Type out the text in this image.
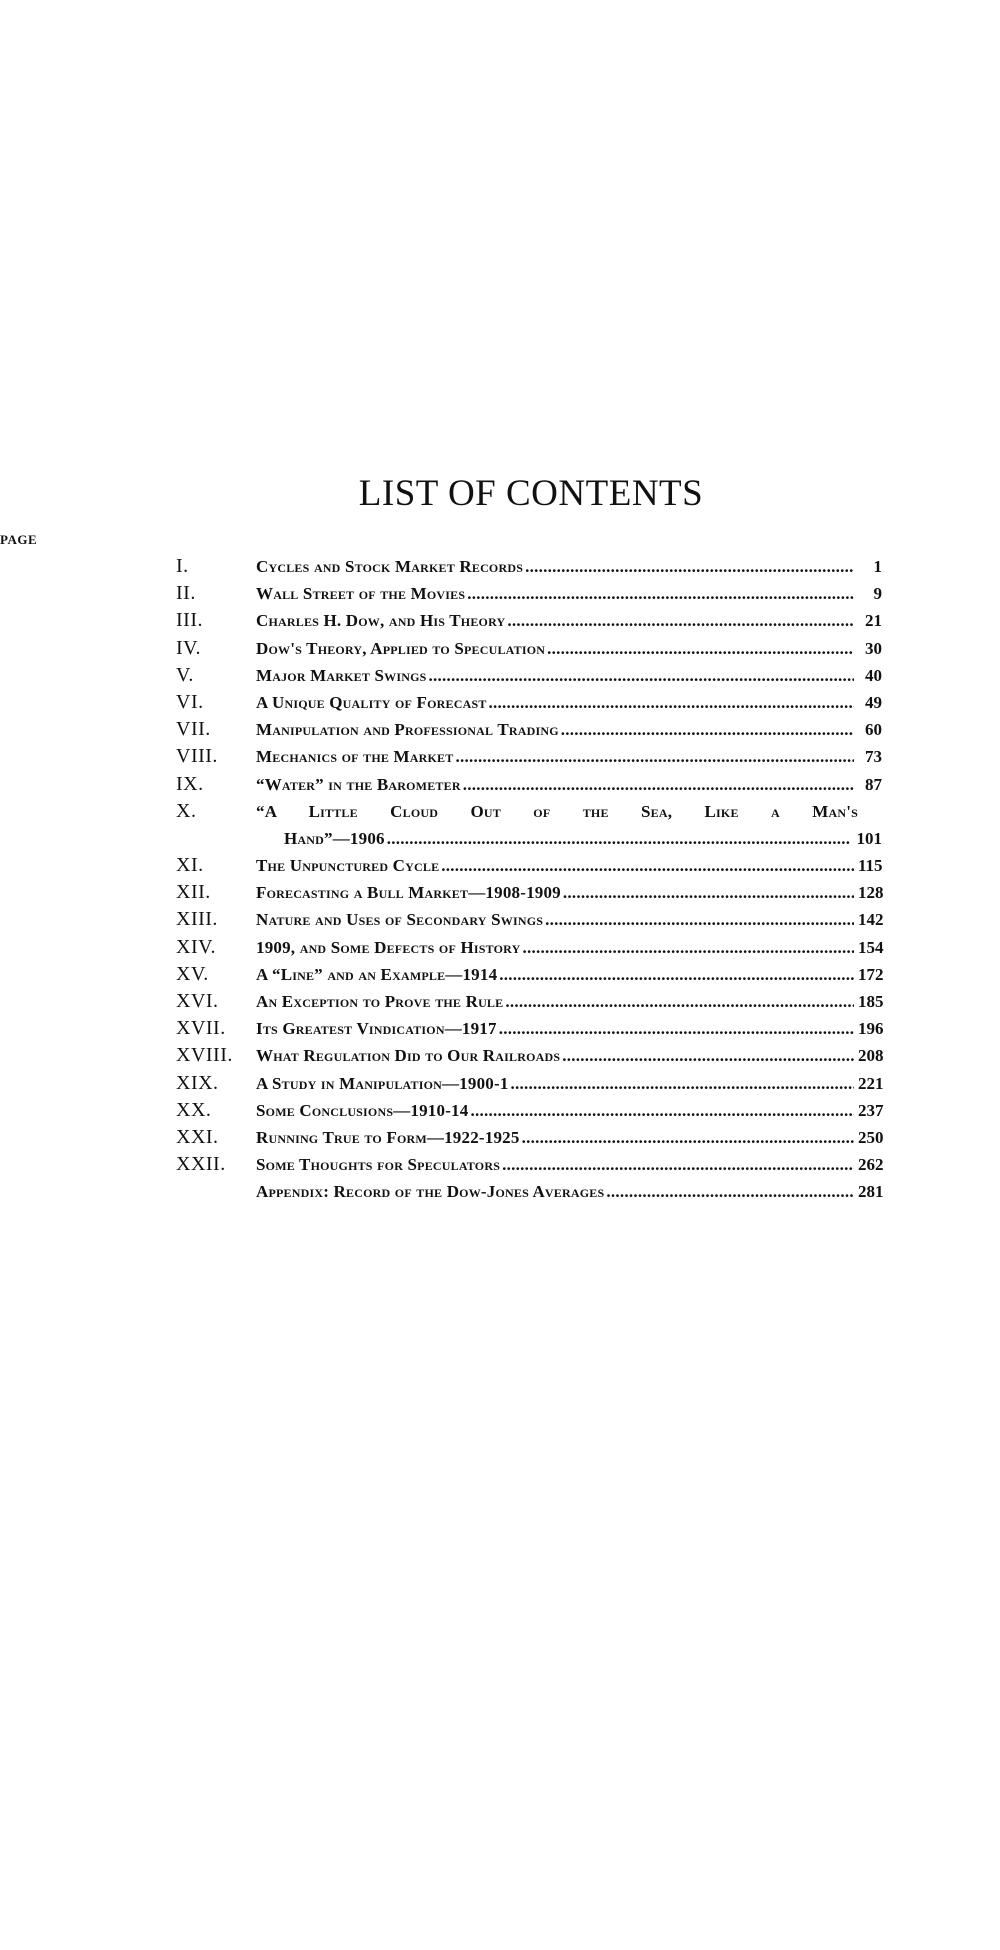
LIST OF CONTENTS
PAGE
I.	Cycles and Stock Market Records . . .	1
II.	Wall Street of the Movies . . .	9
III.	Charles H. Dow, and His Theory . . .	21
IV.	Dow's Theory, Applied to Speculation . . .	30
V.	Major Market Swings . . .	40
VI.	A Unique Quality of Forecast . . .	49
VII.	Manipulation and Professional Trading . . .	60
VIII. Mechanics of the Market . . .	73
IX.	“Water” in the Barometer . . .	87
X.	“A Little Cloud Out of the Sea, Like a Man's
Hand”—1906 . . .	101
XI.	The Unpunctured Cycle . . .	115
XII.	Forecasting a Bull Market—1908-1909 . . .	128
XIII. Nature and Uses of Secondary Swings . . .	142
XIV. 1909, and Some Defects of History . . .	154
XV.	A “Line” and an Example—1914 . . .	172
XVI. An Exception to Prove the Rule . . .	185
XVII. Its Greatest Vindication—1917 . . .	196
XVIII. What Regulation Did to Our Railroads . . .	208
XIX. A Study in Manipulation—1900-1 . . .	221
XX.	Some Conclusions—1910-14 . . .	237
XXI. Running True to Form—1922-1925 . . .	250
XXII. Some Thoughts for Speculators . . .	262
Appendix: Record of the Dow-Jones Averages . . .	281
